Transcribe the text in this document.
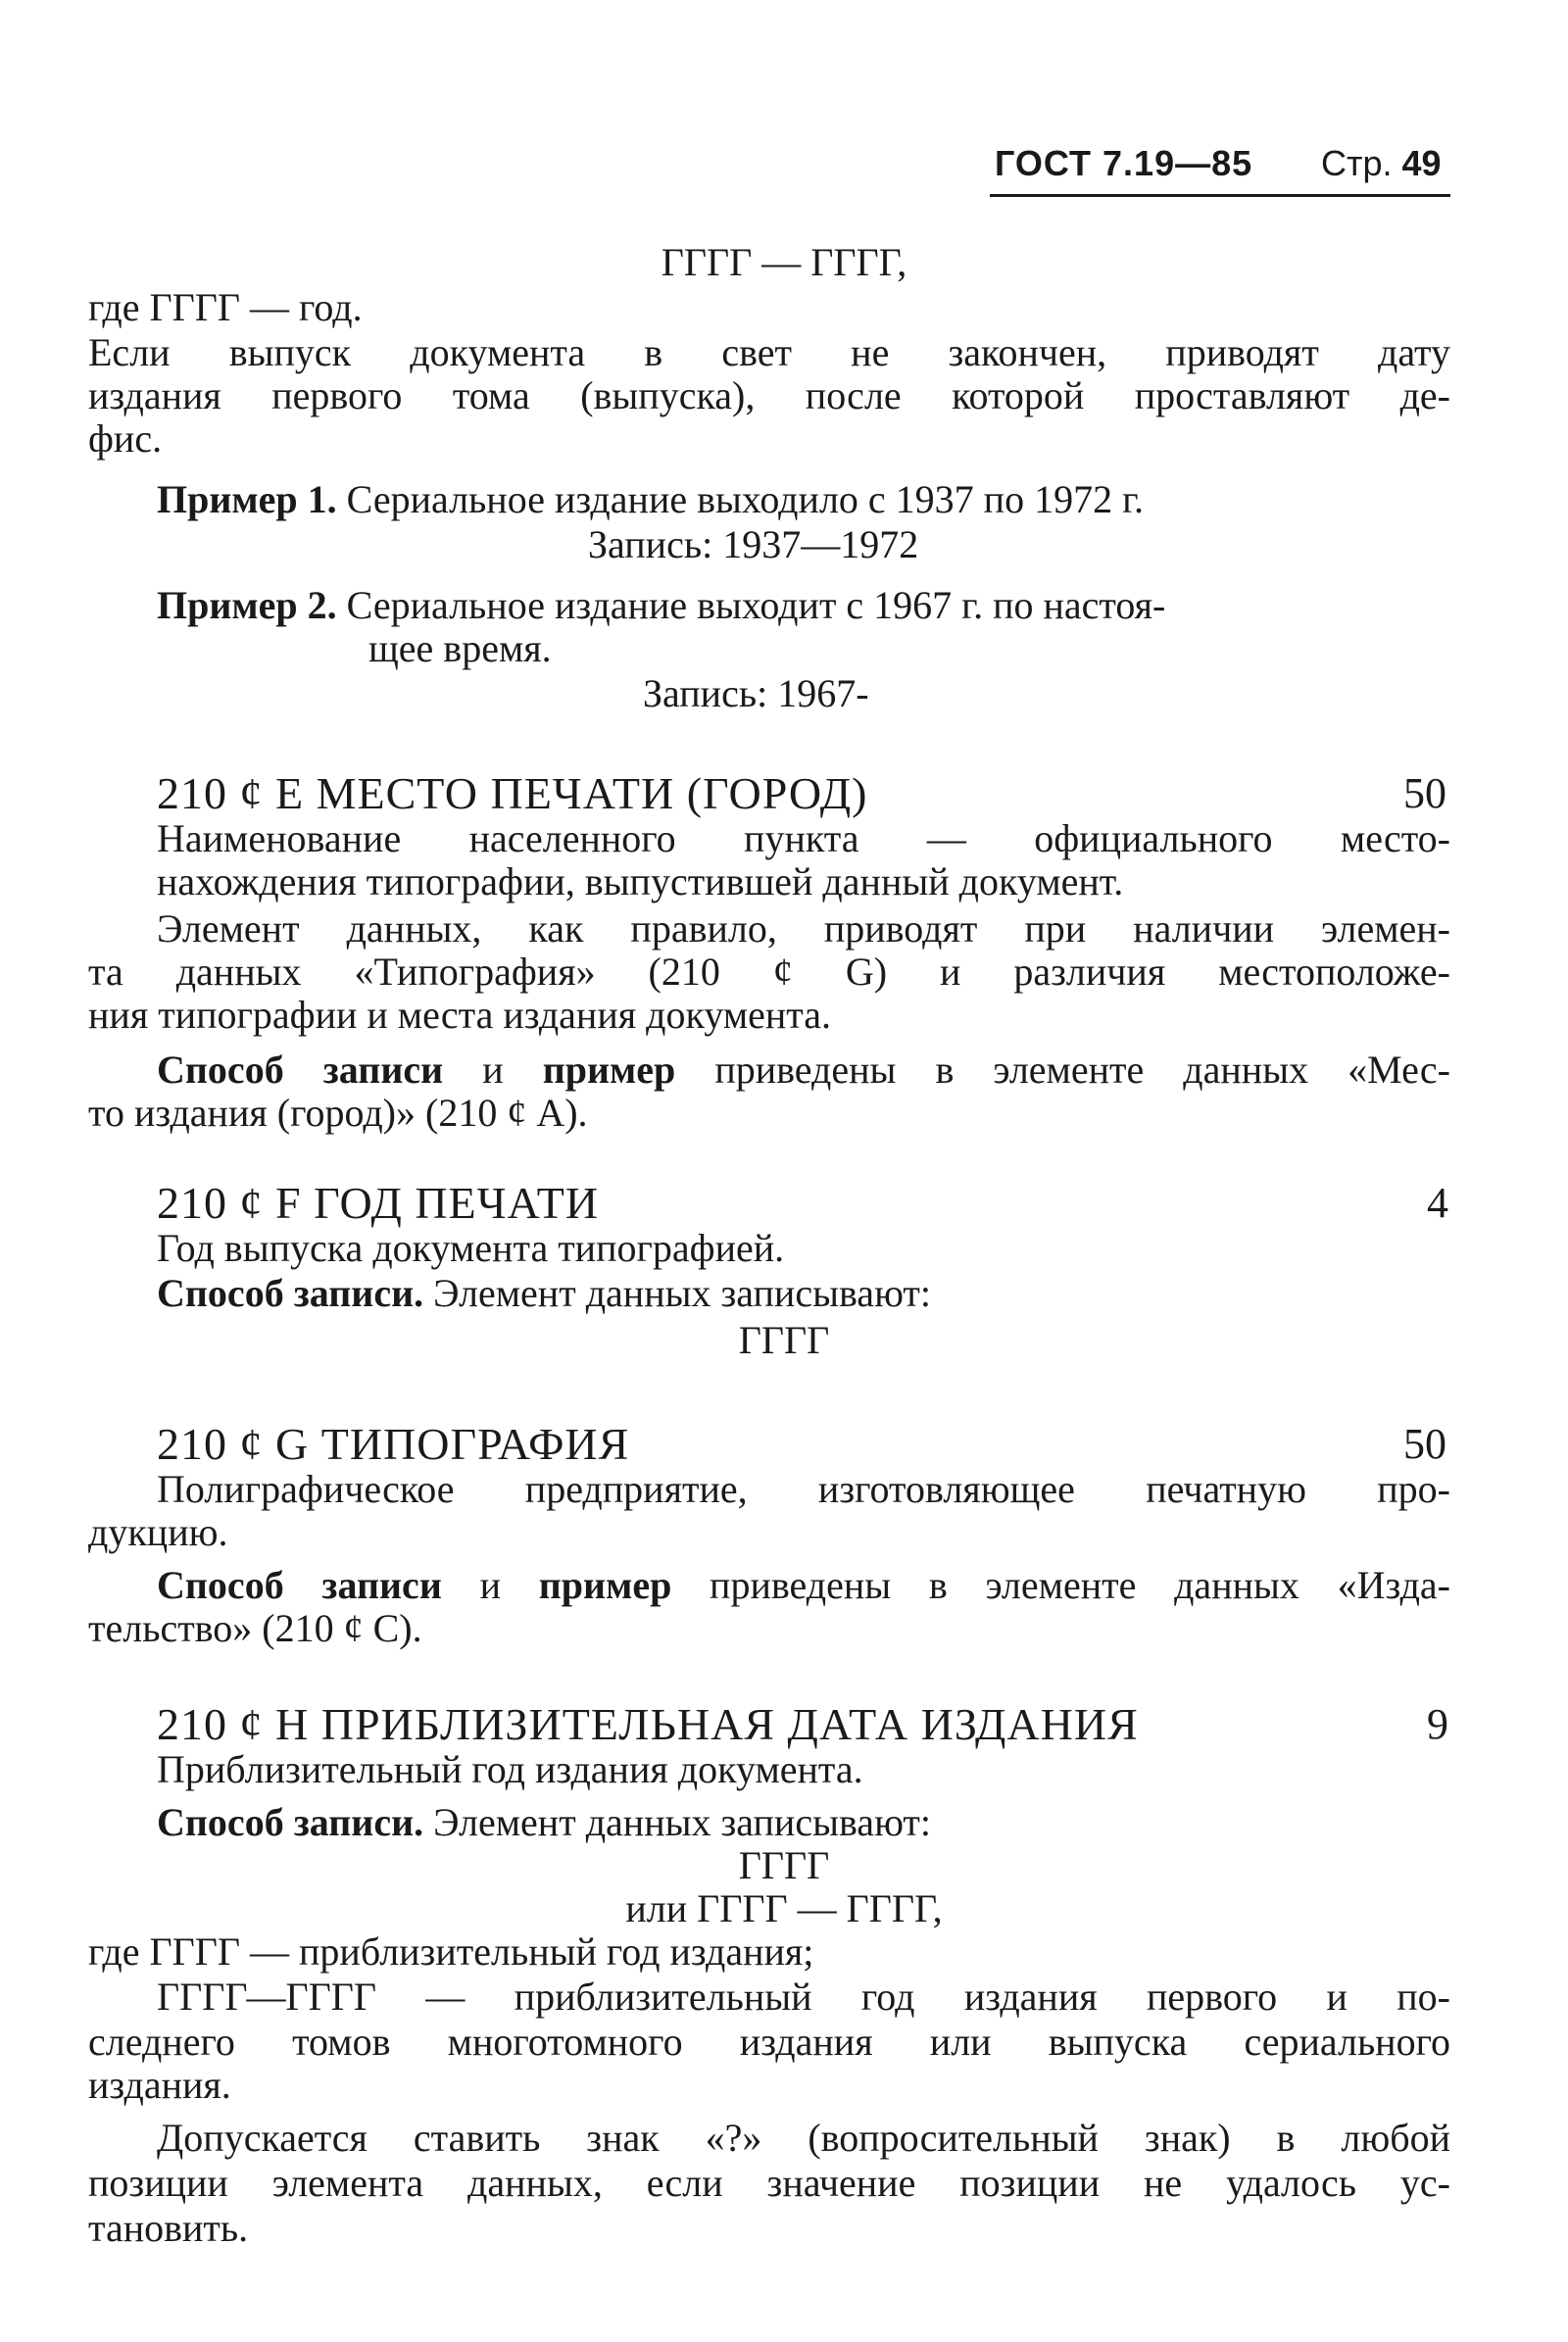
ГОСТ 7.19—85 Стр. 49
ГГГГ — ГГГГ,
где ГГГГ — год.
Если выпуск документа в свет не закончен, приводят дату
издания первого тома (выпуска), после которой проставляют де-
фис.
Пример 1. Сериальное издание выходило с 1937 по 1972 г.
Запись: 1937—1972
Пример 2. Сериальное издание выходит с 1967 г. по настоя-
щее время.
Запись: 1967-
210 ¢ E МЕСТО ПЕЧАТИ (ГОРОД)	50
Наименование населенного пункта — официального место-
нахождения типографии, выпустившей данный документ.
Элемент данных, как правило, приводят при наличии элемен-
та данных «Типография» (210 ¢ G) и различия местоположе-
ния типографии и места издания документа.
Способ записи и пример приведены в элементе данных «Мес-
то издания (город)» (210 ¢ A).
210 ¢ F ГОД ПЕЧАТИ	4
Год выпуска документа типографией.
Способ записи. Элемент данных записывают:
ГГГГ
210 ¢ G ТИПОГРАФИЯ	50
Полиграфическое предприятие, изготовляющее печатную про-
дукцию.
Способ записи и пример приведены в элементе данных «Изда-
тельство» (210 ¢ C).
210 ¢ H ПРИБЛИЗИТЕЛЬНАЯ ДАТА ИЗДАНИЯ	9
Приблизительный год издания документа.
Способ записи. Элемент данных записывают:
ГГГГ
или ГГГГ — ГГГГ,
где ГГГГ — приблизительный год издания;
ГГГГ—ГГГГ — приблизительный год издания первого и по-
следнего томов многотомного издания или выпуска сериального
издания.
Допускается ставить знак «?» (вопросительный знак) в любой
позиции элемента данных, если значение позиции не удалось ус-
тановить.
